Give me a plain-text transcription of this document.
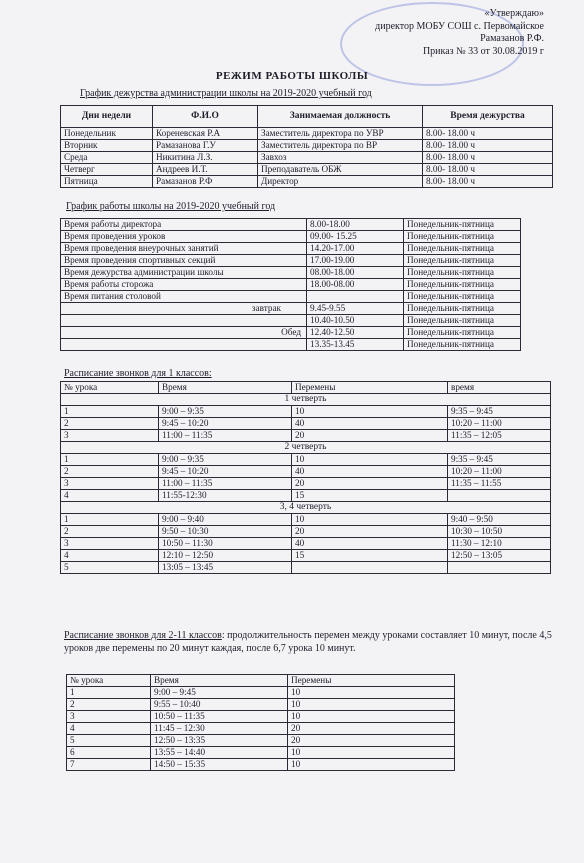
«Утверждаю»
директор МОБУ СОШ с. Первомайское
Рамазанов Р.Ф.
Приказ № 33 от 30.08.2019 г
РЕЖИМ РАБОТЫ ШКОЛЫ
График дежурства администрации школы на 2019-2020 учебный год
Дни недели	Ф.И.О	Занимаемая должность	Время дежурства
Понедельник	Кореневская Р.А	Заместитель директора по УВР	8.00- 18.00 ч
Вторник	Рамазанова Г.У	Заместитель директора по ВР	8.00- 18.00 ч
Среда	Никитина Л.З.	Завхоз	8.00- 18.00 ч
Четверг	Андреев И.Т.	Преподаватель ОБЖ	8.00- 18.00 ч
Пятница	Рамазанов Р.Ф	Директор	8.00- 18.00 ч
График работы школы на 2019-2020 учебный год
Время работы директора	8.00-18.00	Понедельник-пятница
Время проведения уроков	09.00- 15.25	Понедельник-пятница
Время проведения внеурочных занятий	14.20-17.00	Понедельник-пятница
Время проведения спортивных секций	17.00-19.00	Понедельник-пятница
Время дежурства администрации школы	08.00-18.00	Понедельник-пятница
Время работы сторожа	18.00-08.00	Понедельник-пятница
Время питания столовой		Понедельник-пятница
завтрак	9.45-9.55	Понедельник-пятница
	10.40-10.50	Понедельник-пятница
Обед	12.40-12.50	Понедельник-пятница
	13.35-13.45	Понедельник-пятница
Расписание звонков для 1 классов:
№ урока	Время	Перемены	время
1 четверть			
1	9:00 – 9:35	10	9:35 – 9:45
2	9:45 – 10:20	40	10:20 – 11:00
3	11:00 – 11:35	20	11:35 – 12:05
2 четверть			
1	9:00 – 9:35	10	9:35 – 9:45
2	9:45 – 10:20	40	10:20 – 11:00
3	11:00 – 11:35	20	11:35 – 11:55
4	11:55-12:30	15	
3, 4 четверть			
1	9:00 – 9:40	10	9:40 – 9:50
2	9:50 – 10:30	20	10:30 – 10:50
3	10:50 – 11:30	40	11:30 – 12:10
4	12:10 – 12:50	15	12:50 – 13:05
5	13:05 – 13:45		
Расписание звонков для 2-11 классов: продолжительность перемен между уроками составляет 10 минут, после 4,5 уроков две перемены по 20 минут каждая, после 6,7 урока 10 минут.
№ урока	Время	Перемены
1	9:00 – 9:45	10
2	9:55 – 10:40	10
3	10:50 – 11:35	10
4	11:45 – 12:30	20
5	12:50 – 13:35	20
6	13:55 – 14:40	10
7	14:50 – 15:35	10
